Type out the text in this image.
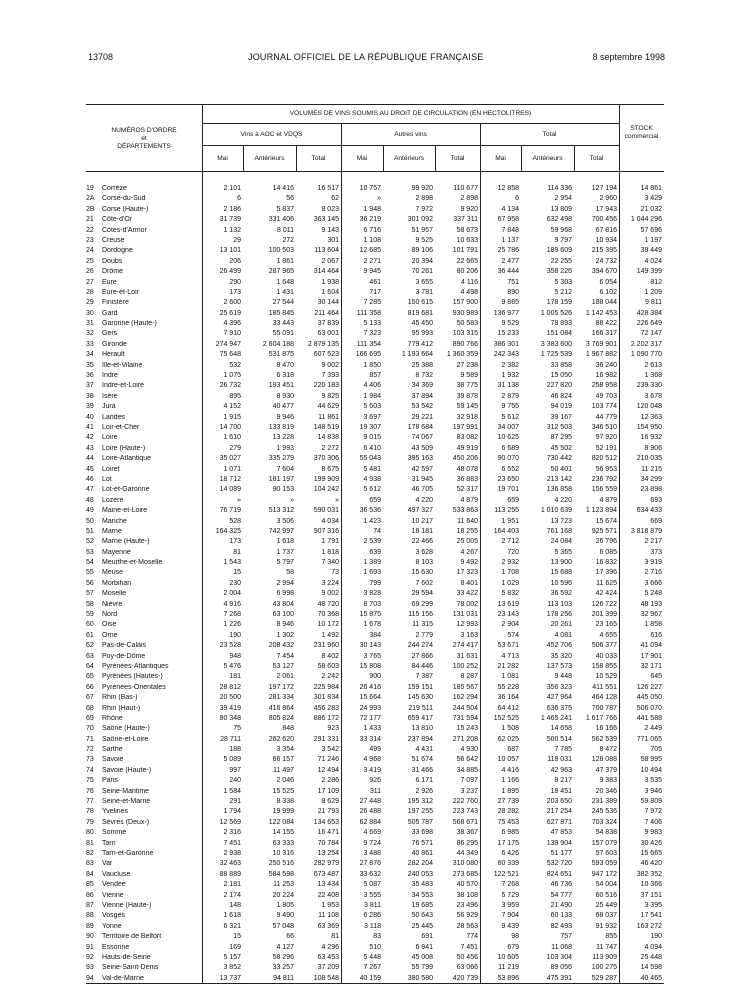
13708	JOURNAL OFFICIEL DE LA RÉPUBLIQUE FRANÇAISE	8 septembre 1998
NUMÉROS D'ORDRE
et
DÉPARTEMENTS
VOLUMES DE VINS SOUMIS AU DROIT DE CIRCULATION (EN HECTOLITRES)
Vins à AOC et VDQS	Autres vins	Total
STOCK
commercial
Mai	Antérieurs	Total	Mai	Antérieurs	Total	Mai	Antérieurs	Total
19	Corrèze	2 101	14 416	16 517	10 757	99 920	110 677	12 858	114 336	127 194	14 861
2A	Corse-du-Sud	6	56	62	»	2 898	2 898	6	2 954	2 960	3 429
2B	Corse (Haute-)	2 186	5 837	8 023	1 948	7 972	9 920	4 134	13 809	17 943	21 032
21	Côte-d'Or	31 739	331 406	363 145	36 219	301 092	337 311	67 958	632 498	700 456	1 044 296
22	Côtes-d'Armor	1 132	8 011	9 143	6 716	51 957	58 673	7 848	59 968	67 816	57 696
23	Creuse	29	272	301	1 108	9 525	10 633	1 137	9 797	10 934	1 197
24	Dordogne	13 101	100 503	113 604	12 685	89 106	101 791	25 786	189 609	215 395	39 449
25	Doubs	206	1 861	2 067	2 271	20 394	22 665	2 477	22 255	24 732	4 024
26	Drôme	26 499	287 965	314 464	9 945	70 261	80 206	36 444	358 226	394 670	149 399
27	Eure	290	1 648	1 938	461	3 655	4 116	751	5 303	6 054	812
28	Eure-et-Loir	173	1 431	1 604	717	3 781	4 498	890	5 212	6 102	1 209
29	Finistère	2 600	27 544	30 144	7 285	150 615	157 900	9 885	178 159	188 044	9 811
30	Gard	25 619	185 845	211 464	111 358	819 681	930 989	136 977	1 005 526	1 142 453	428 384
31	Garonne (Haute-)	4 396	33 443	37 839	5 133	45 450	50 583	9 529	78 893	88 422	226 649
32	Gers	7 910	55 091	63 001	7 323	95 993	103 315	15 233	151 084	166 317	72 147
33	Gironde	274 947	2 604 188	2 879 135	111 354	779 412	890 766	386 301	3 383 600	3 769 901	2 202 317
34	Hérault	75 648	531 875	607 523	166 695	1 193 664	1 360 359	242 343	1 725 539	1 967 882	1 090 770
35	Ille-et-Vilaine	532	8 470	9 002	1 850	25 388	27 238	2 382	33 858	36 240	2 613
36	Indre	1 075	6 318	7 393	857	8 732	9 589	1 932	15 050	16 982	1 368
37	Indre-et-Loire	26 732	193 451	220 183	4 406	34 369	38 775	31 138	227 820	258 958	239 330
38	Isère	895	8 930	9 825	1 984	37 894	39 878	2 879	46 824	49 703	3 678
39	Jura	4 152	40 477	44 629	5 603	53 542	59 145	9 755	94 019	103 774	120 048
40	Landes	1 915	9 946	11 861	3 697	29 221	32 918	5 612	39 167	44 779	12 363
41	Loir-et-Cher	14 700	133 819	148 519	19 307	178 684	197 991	34 007	312 503	346 510	154 950
42	Loire	1 610	13 228	14 838	9 015	74 067	83 082	10 625	87 295	97 920	16 932
43	Loire (Haute-)	279	1 993	2 272	6 410	43 509	49 919	6 689	45 502	52 191	8 906
44	Loire-Atlantique	35 027	335 279	370 306	55 043	395 163	450 206	90 070	730 442	820 512	210 035
45	Loiret	1 071	7 604	8 675	5 481	42 597	48 078	6 552	50 401	56 953	11 215
46	Lot	18 712	181 197	199 909	4 938	31 945	36 883	23 650	213 142	236 792	34 299
47	Lot-et-Garonne	14 089	90 153	104 242	5 612	46 705	52 317	19 701	136 858	156 559	23 898
48	Lozère	»	»	»	659	4 220	4 879	659	4 220	4 879	693
49	Maine-et-Loire	76 719	513 312	590 031	36 536	497 327	533 863	113 255	1 010 639	1 123 894	634 433
50	Manche	528	3 506	4 034	1 423	10 217	11 640	1 951	13 723	15 674	669
51	Marne	164 325	742 997	907 316	74	18 181	18 255	164 403	761 168	925 571	3 818 879
52	Marne (Haute-)	173	1 618	1 791	2 539	22 466	25 005	2 712	24 084	26 796	2 217
53	Mayenne	81	1 737	1 818	639	3 628	4 267	720	5 365	6 085	373
54	Meurthe-et-Moselle	1 543	5 797	7 340	1 389	8 103	9 492	2 932	13 900	16 832	3 919
55	Meuse	15	58	73	1 693	15 630	17 323	1 708	15 688	17 396	2 716
56	Morbihan	230	2 994	3 224	799	7 602	8 401	1 029	10 596	11 625	3 666
57	Moselle	2 004	6 998	9 002	3 828	29 594	33 422	5 832	36 592	42 424	5 248
58	Nièvre	4 916	43 804	48 720	8 703	69 299	78 002	13 619	113 103	126 722	48 193
59	Nord	7 268	63 100	70 368	15 875	115 156	131 031	23 143	178 256	201 399	32 967
60	Oise	1 226	8 946	10 172	1 678	11 315	12 993	2 904	20 261	23 165	1 858
61	Orne	190	1 302	1 492	384	2 779	3 163	574	4 081	4 655	616
62	Pas-de-Calais	23 528	208 432	231 960	30 143	244 274	274 417	53 671	452 706	506 377	41 094
63	Puy-de-Dôme	948	7 454	8 402	3 765	27 866	31 631	4 713	35 320	40 033	17 901
64	Pyrénées-Atlantiques	5 476	53 127	58 603	15 808	84 446	100 252	21 282	137 573	158 855	32 171
65	Pyrénées (Hautes-)	181	2 061	2 242	900	7 387	8 287	1 081	9 448	10 529	645
66	Pyrénées-Orientales	28 812	197 172	225 984	26 416	159 151	185 567	55 228	356 323	411 551	126 227
67	Rhin (Bas-)	20 500	281 334	301 834	15 664	145 630	162 294	36 164	427 964	464 128	445 050
68	Rhin (Haut-)	39 419	416 864	456 283	24 993	219 511	244 504	64 412	636 375	700 787	506 070
69	Rhône	80 348	805 824	886 172	72 177	659 417	731 594	152 525	1 465 241	1 617 766	441 588
70	Saône (Haute-)	75	848	923	1 433	13 810	15 243	1 508	14 658	16 166	2 449
71	Saône-et-Loire	28 711	262 620	291 331	33 314	237 894	271 208	62 025	500 514	562 539	771 065
72	Sarthe	188	3 354	3 542	499	4 431	4 930	687	7 785	8 472	705
73	Savoie	5 089	66 157	71 246	4 968	51 674	56 642	10 057	118 031	128 088	58 995
74	Savoie (Haute-)	997	11 497	12 494	3 419	31 466	34 885	4 416	42 963	47 379	10 494
75	Paris	240	2 046	2 286	926	6 171	7 097	1 166	8 217	9 383	3 535
76	Seine-Maritime	1 584	15 525	17 109	311	2 926	3 237	1 895	18 451	20 346	3 946
77	Seine-et-Marne	291	8 338	8 629	27 448	195 312	222 760	27 739	203 650	231 389	59 809
78	Yvelines	1 794	19 999	21 793	26 488	197 255	223 743	28 282	217 254	245 536	7 972
79	Sèvres (Deux-)	12 569	122 084	134 653	62 884	505 787	568 671	75 453	627 871	703 324	7 406
80	Somme	2 316	14 155	16 471	4 669	33 698	38 367	6 985	47 853	54 838	9 983
81	Tarn	7 451	63 333	70 784	9 724	76 571	86 295	17 175	139 904	157 079	30 426
82	Tarn-et-Garonne	2 938	10 316	13 254	3 488	40 861	44 349	6 426	51 177	57 603	15 665
83	Var	32 463	250 516	282 979	27 876	282 204	310 080	60 339	532 720	593 059	46 420
84	Vaucluse	88 889	584 598	673 487	33 632	240 053	273 685	122 521	824 651	947 172	382 352
85	Vendée	2 181	11 253	13 434	5 087	35 483	40 570	7 268	46 736	54 004	10 366
86	Vienne	2 174	20 224	22 408	3 555	34 553	38 108	5 729	54 777	60 516	37 151
87	Vienne (Haute-)	148	1 805	1 953	3 811	19 685	23 496	3 959	21 490	25 449	3 395
88	Vosges	1 618	9 490	11 108	6 286	50 643	56 929	7 904	60 133	68 037	17 541
89	Yonne	6 321	57 048	63 369	3 118	25 445	28 563	9 439	82 493	91 932	163 272
90	Territoire de Belfort	15	66	81	83	691	774	98	757	855	190
91	Essonne	169	4 127	4 296	510	6 941	7 451	679	11 068	11 747	4 094
92	Hauts-de-Seine	5 157	58 296	63 453	5 448	45 008	50 456	10 605	103 304	113 909	25 448
93	Seine-Saint-Denis	3 852	33 257	37 209	7 267	55 799	63 066	11 219	89 056	100 275	14 598
94	Val-de-Marne	13 737	94 811	108 548	40 159	380 580	420 739	53 896	475 391	529 287	40 465
